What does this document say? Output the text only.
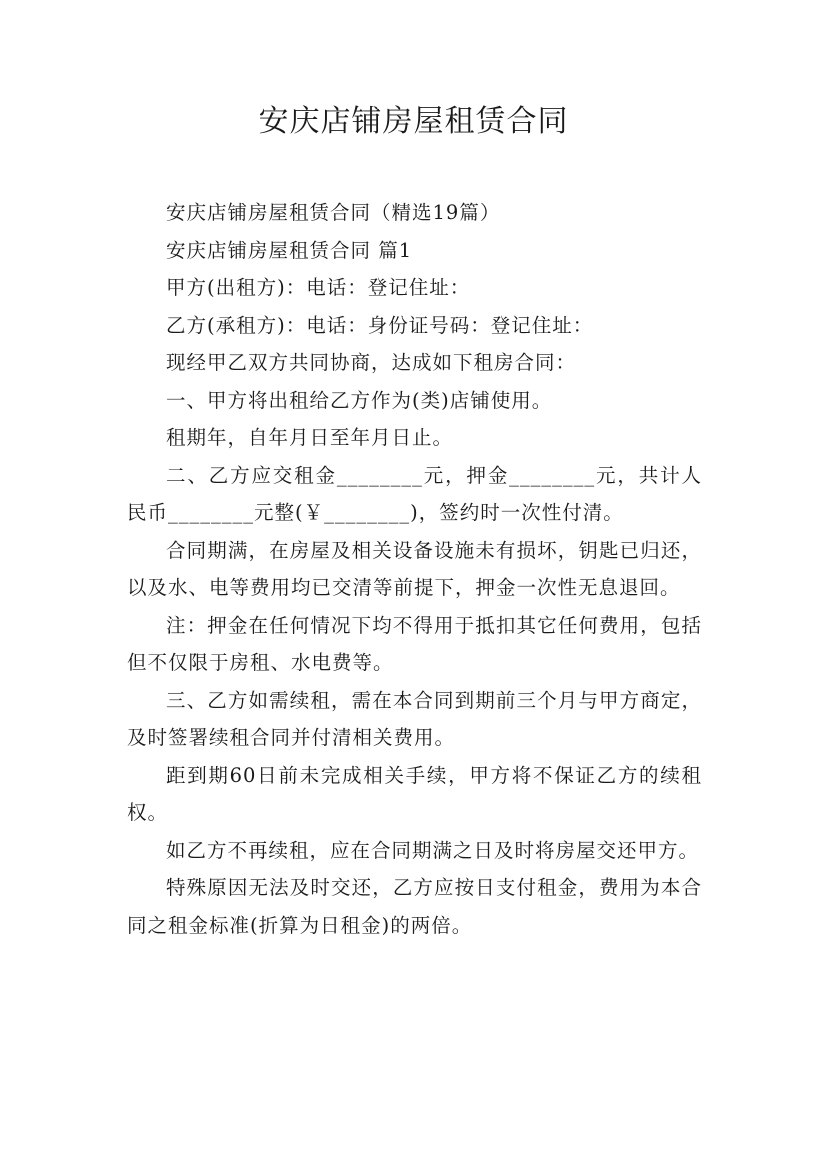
安庆店铺房屋租赁合同

安庆店铺房屋租赁合同（精选19篇）

安庆店铺房屋租赁合同 篇1

甲方(出租方)：电话：登记住址：

乙方(承租方)：电话：身份证号码：登记住址：

现经甲乙双方共同协商，达成如下租房合同：

一、甲方将出租给乙方作为(类)店铺使用。

租期年，自年月日至年月日止。

二、乙方应交租金________元，押金________元，共计人民币________元整(￥________)，签约时一次性付清。

合同期满，在房屋及相关设备设施未有损坏，钥匙已归还，以及水、电等费用均已交清等前提下，押金一次性无息退回。

注：押金在任何情况下均不得用于抵扣其它任何费用，包括但不仅限于房租、水电费等。

三、乙方如需续租，需在本合同到期前三个月与甲方商定，及时签署续租合同并付清相关费用。

距到期60日前未完成相关手续，甲方将不保证乙方的续租权。

如乙方不再续租，应在合同期满之日及时将房屋交还甲方。

特殊原因无法及时交还，乙方应按日支付租金，费用为本合同之租金标准(折算为日租金)的两倍。
